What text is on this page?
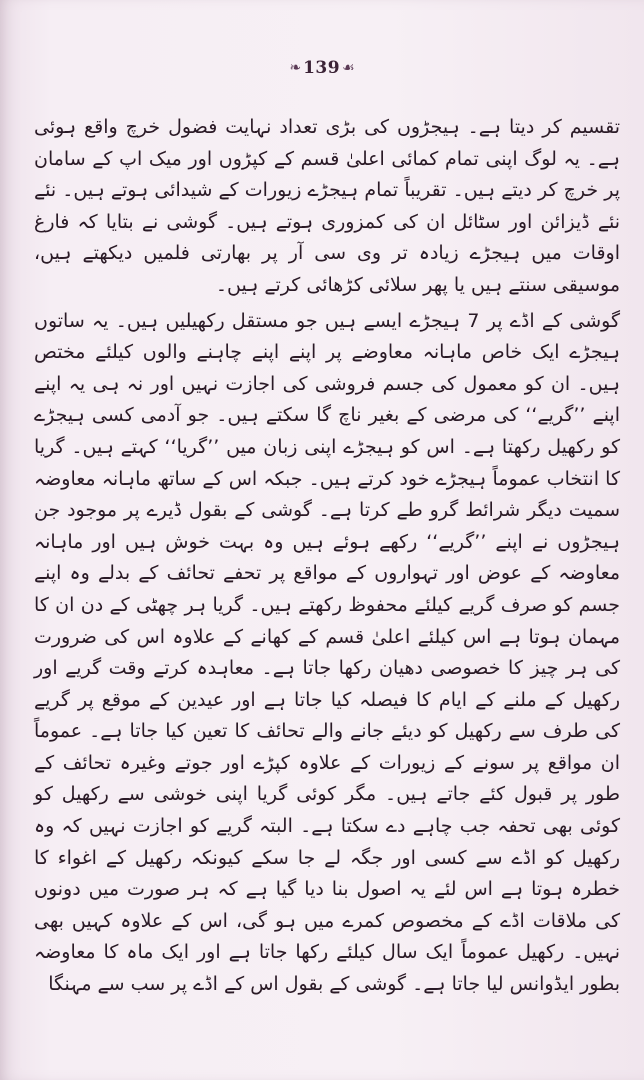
❧ 139 ☙

تقسیم کر دیتا ہے۔ ہیجڑوں کی بڑی تعداد نہایت فضول خرچ واقع ہوئی ہے۔ یہ لوگ اپنی تمام کمائی اعلیٰ قسم کے کپڑوں اور میک اپ کے سامان پر خرچ کر دیتے ہیں۔ تقریباً تمام ہیجڑے زیورات کے شیدائی ہوتے ہیں۔ نئے نئے ڈیزائن اور سٹائل ان کی کمزوری ہوتے ہیں۔ گوشی نے بتایا کہ فارغ اوقات میں ہیجڑے زیادہ تر وی سی آر پر بھارتی فلمیں دیکھتے ہیں، موسیقی سنتے ہیں یا پھر سلائی کڑھائی کرتے ہیں۔

گوشی کے اڈے پر 7 ہیجڑے ایسے ہیں جو مستقل رکھیلیں ہیں۔ یہ ساتوں ہیجڑے ایک خاص ماہانہ معاوضے پر اپنے اپنے چاہنے والوں کیلئے مختص ہیں۔ ان کو معمول کی جسم فروشی کی اجازت نہیں اور نہ ہی یہ اپنے اپنے ’’گریے‘‘ کی مرضی کے بغیر ناچ گا سکتے ہیں۔ جو آدمی کسی ہیجڑے کو رکھیل رکھتا ہے۔ اس کو ہیجڑے اپنی زبان میں ’’گریا‘‘ کہتے ہیں۔ گریا کا انتخاب عموماً ہیجڑے خود کرتے ہیں۔ جبکہ اس کے ساتھ ماہانہ معاوضہ سمیت دیگر شرائط گرو طے کرتا ہے۔ گوشی کے بقول ڈیرے پر موجود جن ہیجڑوں نے اپنے ’’گریے‘‘ رکھے ہوئے ہیں وہ بہت خوش ہیں اور ماہانہ معاوضہ کے عوض اور تہواروں کے مواقع پر تحفے تحائف کے بدلے وہ اپنے جسم کو صرف گریے کیلئے محفوظ رکھتے ہیں۔ گریا ہر چھٹی کے دن ان کا مہمان ہوتا ہے اس کیلئے اعلیٰ قسم کے کھانے کے علاوہ اس کی ضرورت کی ہر چیز کا خصوصی دھیان رکھا جاتا ہے۔ معاہدہ کرتے وقت گریے اور رکھیل کے ملنے کے ایام کا فیصلہ کیا جاتا ہے اور عیدین کے موقع پر گریے کی طرف سے رکھیل کو دیئے جانے والے تحائف کا تعین کیا جاتا ہے۔ عموماً ان مواقع پر سونے کے زیورات کے علاوہ کپڑے اور جوتے وغیرہ تحائف کے طور پر قبول کئے جاتے ہیں۔ مگر کوئی گریا اپنی خوشی سے رکھیل کو کوئی بھی تحفہ جب چاہے دے سکتا ہے۔ البتہ گریے کو اجازت نہیں کہ وہ رکھیل کو اڈے سے کسی اور جگہ لے جا سکے کیونکہ رکھیل کے اغواء کا خطرہ ہوتا ہے اس لئے یہ اصول بنا دیا گیا ہے کہ ہر صورت میں دونوں کی ملاقات اڈے کے مخصوص کمرے میں ہو گی، اس کے علاوہ کہیں بھی نہیں۔ رکھیل عموماً ایک سال کیلئے رکھا جاتا ہے اور ایک ماہ کا معاوضہ بطور ایڈوانس لیا جاتا ہے۔ گوشی کے بقول اس کے اڈے پر سب سے مہنگا
